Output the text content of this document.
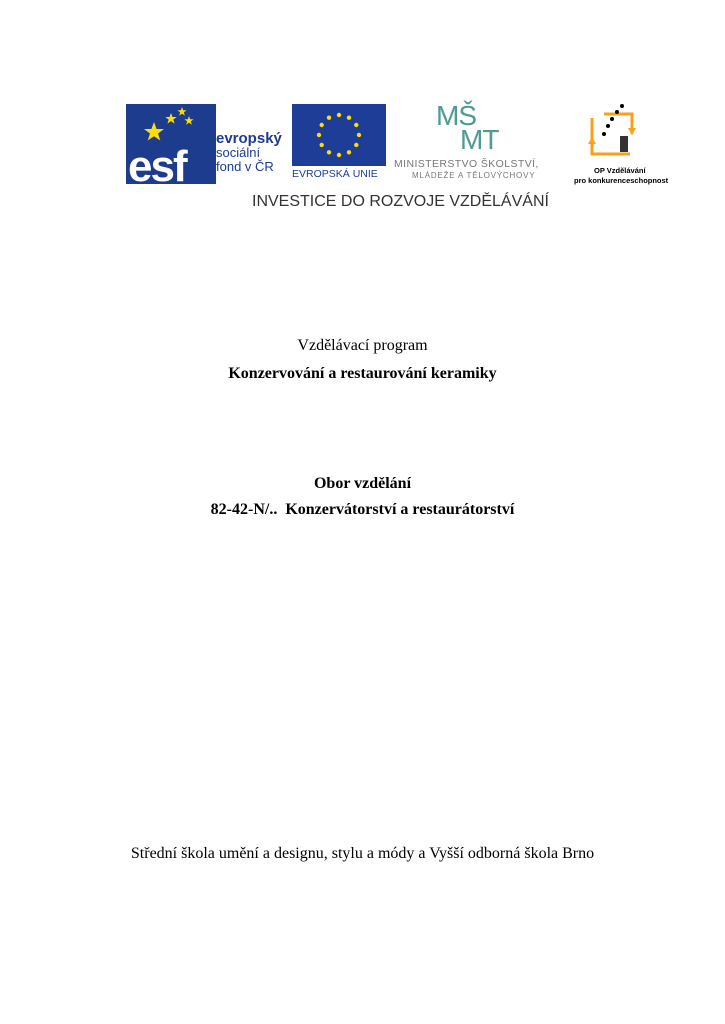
esf
evropský
sociální
fond v ČR	EVROPSKÁ UNIE
MŠ
MT
MINISTERSTVO ŠKOLSTVÍ,
MLÁDEŽE A TĚLOVÝCHOVY
OP Vzdělávání
pro konkurenceschopnost
INVESTICE DO ROZVOJE VZDĚLÁVÁNÍ
Vzdělávací program
Konzervování a restaurování keramiky
Obor vzdělání
82-42-N/..  Konzervátorství a restaurátorství
Střední škola umění a designu, stylu a módy a Vyšší odborná škola Brno
